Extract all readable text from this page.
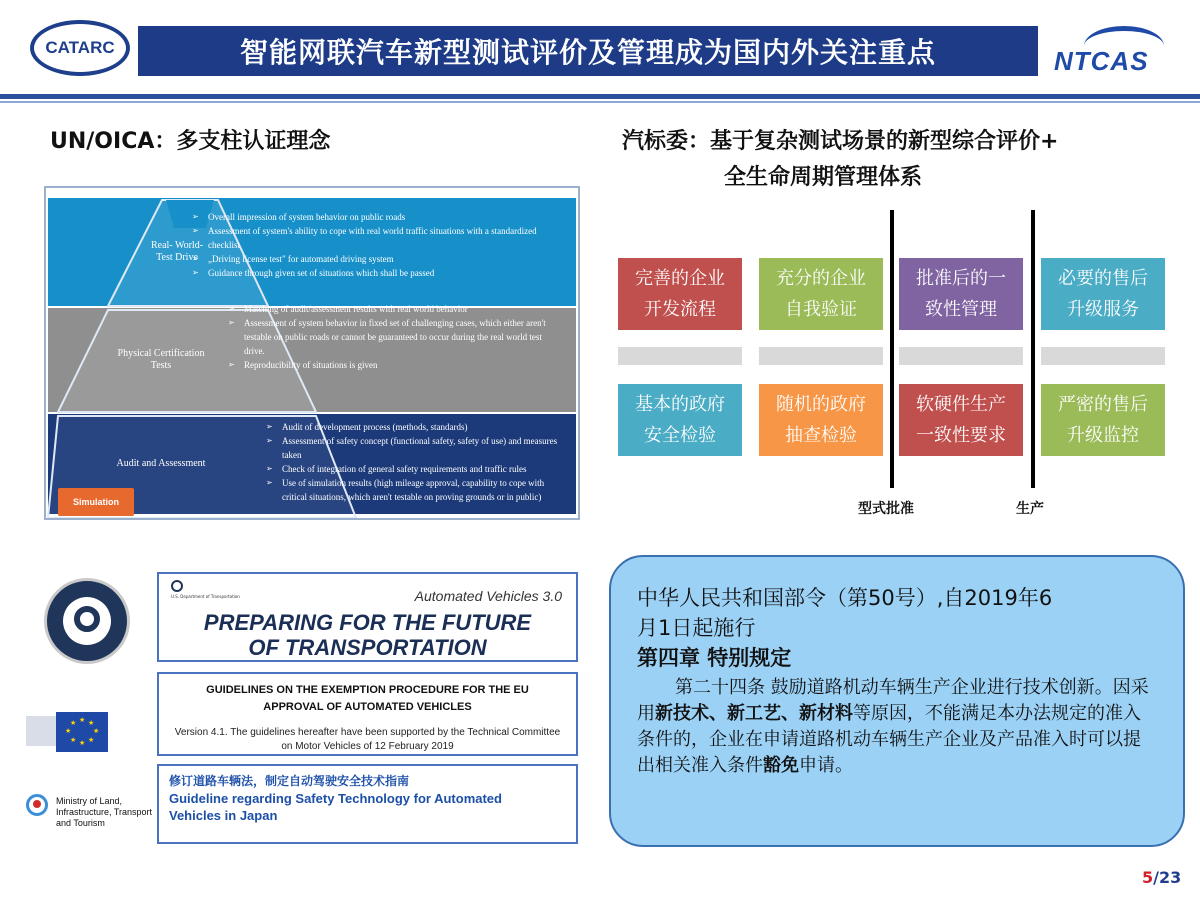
CATARC	智能网联汽车新型测试评价及管理成为国内外关注重点	NTCAS
UN/OICA：多支柱认证理念	汽标委：基于复杂测试场景的新型综合评价+
全生命周期管理体系
Real- World-
Test Drive
Physical Certification
Tests
Audit and Assessment
➢ Overall impression of system behavior on public roads
➢ Assessment of system's ability to cope with real world traffic situations with a standardized checklist
➢ „Driving license test" for automated driving system
➢ Guidance through given set of situations which shall be passed
➢ Matching of audit/assessment results with real world behavior
➢ Assessment of system behavior in fixed set of challenging cases, which either aren't testable on public roads or cannot be guaranteed to occur during the real world test drive.
➢ Reproducibility of situations is given
➢ Audit of development process (methods, standards)
➢ Assessment of safety concept (functional safety, safety of use) and measures taken
➢ Check of integration of general safety requirements and traffic rules
➢ Use of simulation results (high mileage approval, capability to cope with critical situations, which aren't testable on proving grounds or in public)
Simulation
完善的企业
开发流程
充分的企业
自我验证
批准后的一
致性管理
必要的售后
升级服务
基本的政府
安全检验
随机的政府
抽查检验
软硬件生产
一致性要求
严密的售后
升级监控
型式批准	生产
U.S. Department of Transportation	Automated Vehicles 3.0
PREPARING FOR THE FUTURE
OF TRANSPORTATION
★ ★
★
★
★
★
★
★
GUIDELINES ON THE EXEMPTION PROCEDURE FOR THE EU
APPROVAL OF AUTOMATED VEHICLES
Version 4.1. The guidelines hereafter have been supported by the Technical Committee
on Motor Vehicles of 12 February 2019
Ministry of Land,
Infrastructure, Transport
and Tourism
修订道路车辆法，制定自动驾驶安全技术指南
Guideline regarding Safety Technology for Automated
Vehicles in Japan
中华人民共和国部令（第50号）,自2019年6
月1日起施行
第四章 特别规定
第二十四条 鼓励道路机动车辆生产企业进行技术创新。因采用新技术、新工艺、新材料等原因，不能满足本办法规定的准入条件的，企业在申请道路机动车辆生产企业及产品准入时可以提出相关准入条件豁免申请。
5/23
